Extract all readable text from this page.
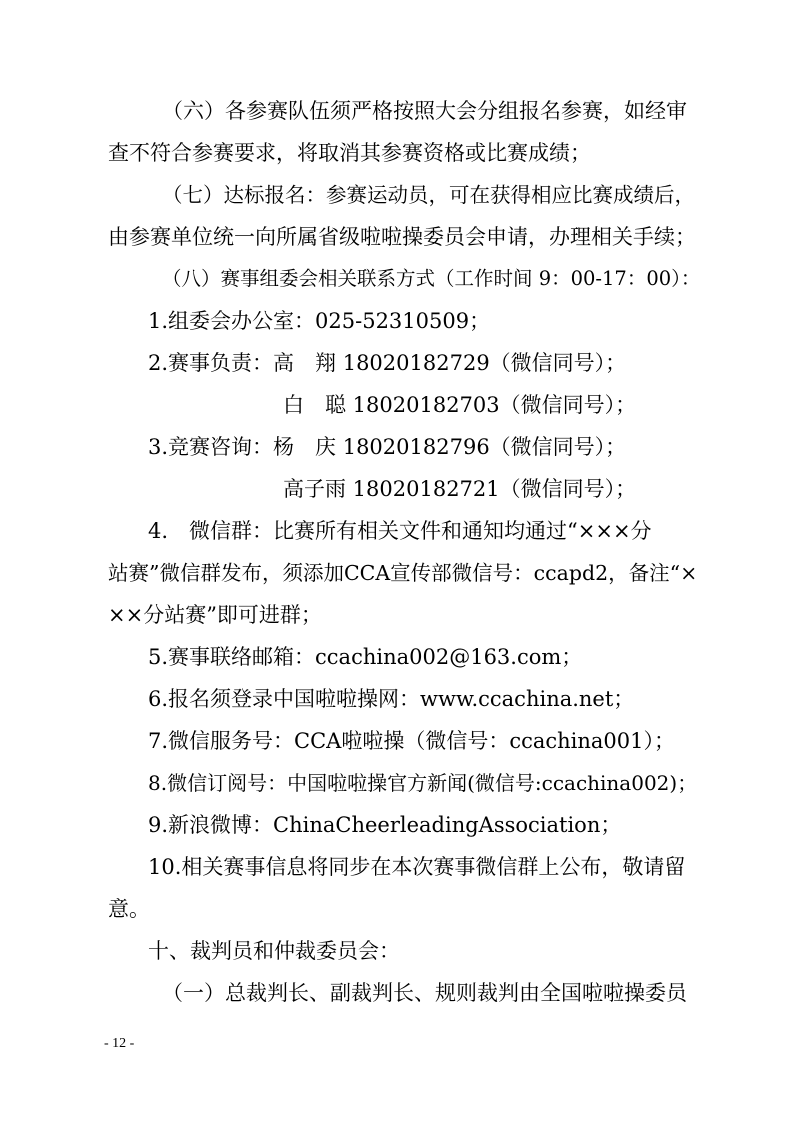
（六）各参赛队伍须严格按照大会分组报名参赛，如经审
查不符合参赛要求，将取消其参赛资格或比赛成绩；
（七）达标报名：参赛运动员，可在获得相应比赛成绩后，
由参赛单位统一向所属省级啦啦操委员会申请，办理相关手续；
（八）赛事组委会相关联系方式（工作时间 9：00-17：00）：
1.组委会办公室：025-52310509；
2.赛事负责：高　翔 18020182729（微信同号）；
白　聪 18020182703（微信同号）；
3.竞赛咨询：杨　庆 18020182796（微信同号）；
高子雨 18020182721（微信同号）；
4.　微信群：比赛所有相关文件和通知均通过“×××分
站赛”微信群发布，须添加CCA宣传部微信号：ccapd2，备注“×
××分站赛”即可进群；
5.赛事联络邮箱：ccachina002@163.com；
6.报名须登录中国啦啦操网：www.ccachina.net；
7.微信服务号：CCA啦啦操（微信号：ccachina001）；
8.微信订阅号：中国啦啦操官方新闻(微信号:ccachina002)；
9.新浪微博：ChinaCheerleadingAssociation；
10.相关赛事信息将同步在本次赛事微信群上公布，敬请留
意。
十、裁判员和仲裁委员会：
（一）总裁判长、副裁判长、规则裁判由全国啦啦操委员
- 12 -
